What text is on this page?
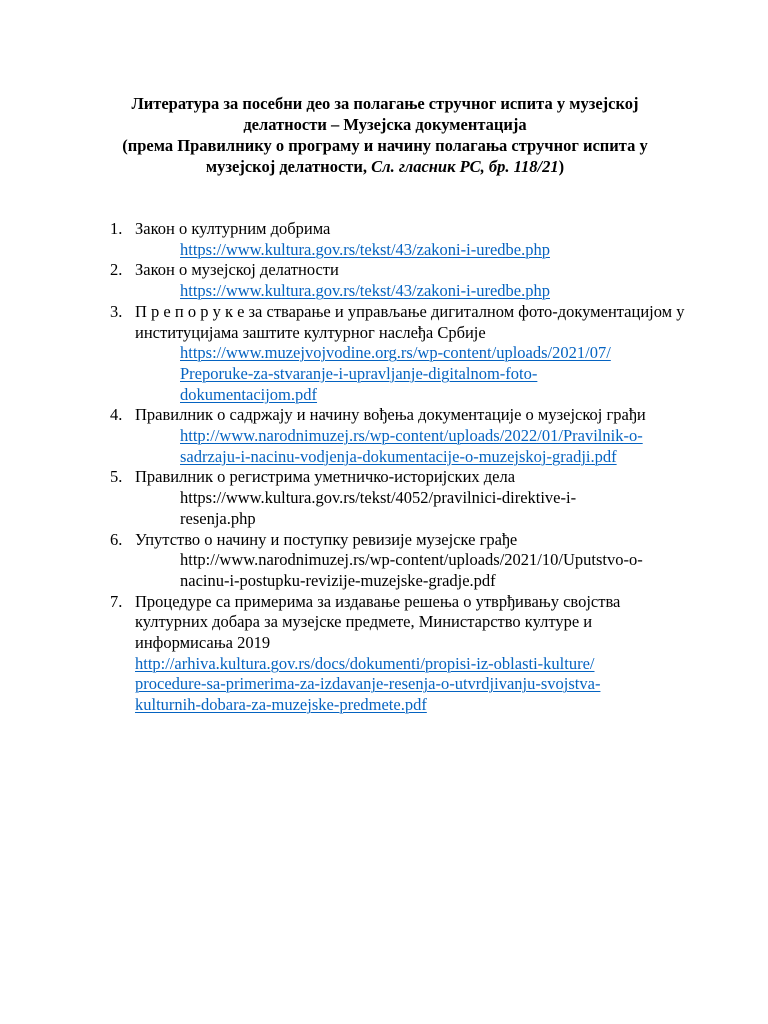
Литература за посебни део за полагање стручног испита у музејској делатности – Музејска документација
(према Правилнику о програму и начину полагања стручног испита у музејској делатности, Сл. гласник РС, бр. 118/21)
1. Закон о културним добрима
https://www.kultura.gov.rs/tekst/43/zakoni-i-uredbe.php
2. Закон о музејској делатности
https://www.kultura.gov.rs/tekst/43/zakoni-i-uredbe.php
3. П р е п о р у к е за стварање и управљање дигиталном фото-документацијом у институцијама заштите културног наслеђа Србије
https://www.muzejvojvodine.org.rs/wp-content/uploads/2021/07/
Preporuke-za-stvaranje-i-upravljanje-digitalnom-foto-
dokumentacijom.pdf
4. Правилник о садржају и начину вођења документације о музејској грађи
http://www.narodnimuzej.rs/wp-content/uploads/2022/01/Pravilnik-o-
sadrzaju-i-nacinu-vodjenja-dokumentacije-o-muzejskoj-gradji.pdf
5. Правилник о регистрима уметничко-историјских дела
https://www.kultura.gov.rs/tekst/4052/pravilnici-direktive-i-
resenja.php
6. Упутство о начину и поступку ревизије музејске грађе
http://www.narodnimuzej.rs/wp-content/uploads/2021/10/Uputstvo-o-
nacinu-i-postupku-revizije-muzejske-gradje.pdf
7. Процедуре са примерима за издавање решења о утврђивању својства културних добара за музејске предмете, Министарство културе и информисања 2019
http://arhiva.kultura.gov.rs/docs/dokumenti/propisi-iz-oblasti-kulture/
procedure-sa-primerima-za-izdavanje-resenja-o-utvrdjivanju-svojstva-
kulturnih-dobara-za-muzejske-predmete.pdf
